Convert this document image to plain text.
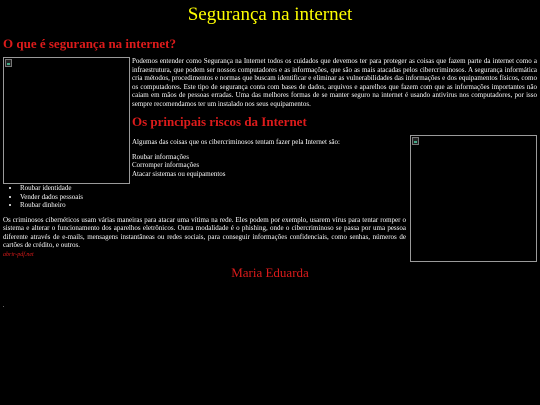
Segurança na internet
O que é segurança na internet?

Podemos entender como Segurança na Internet todos os cuidados que devemos ter para proteger as coisas que fazem parte da internet como a infraestrutura, que podem ser nossos computadores e as informações, que são as mais atacadas pelos cibercriminosos. A segurança informática cria métodos, procedimentos e normas que buscam identificar e eliminar as vulnerabilidades das informações e dos equipamentos físicos, como os computadores. Este tipo de segurança conta com bases de dados, arquivos e aparelhos que fazem com que as informações importantes não caiam em mãos de pessoas erradas. Uma das melhores formas de se manter seguro na internet é usando antivírus nos computadores, por isso sempre recomendamos ter um instalado nos seus equipamentos.

Os principais riscos da Internet

Algumas das coisas que os cibercriminosos tentam fazer pela Internet são:

• Roubar informações
• Corromper informações
• Atacar sistemas ou equipamentos
• Roubar identidade
• Vender dados pessoais
• Roubar dinheiro

Os criminosos cibernéticos usam várias maneiras para atacar uma vítima na rede. Eles podem por exemplo, usarem vírus para tentar romper o sistema e alterar o funcionamento dos aparelhos eletrônicos. Outra modalidade é o phishing, onde o cibercriminoso se passa por uma pessoa diferente através de e-mails, mensagens instantâneas ou redes sociais, para conseguir informações confidenciais, como senhas, números de cartões de crédito, e outros.

abrir-pdf.net
Maria Eduarda
